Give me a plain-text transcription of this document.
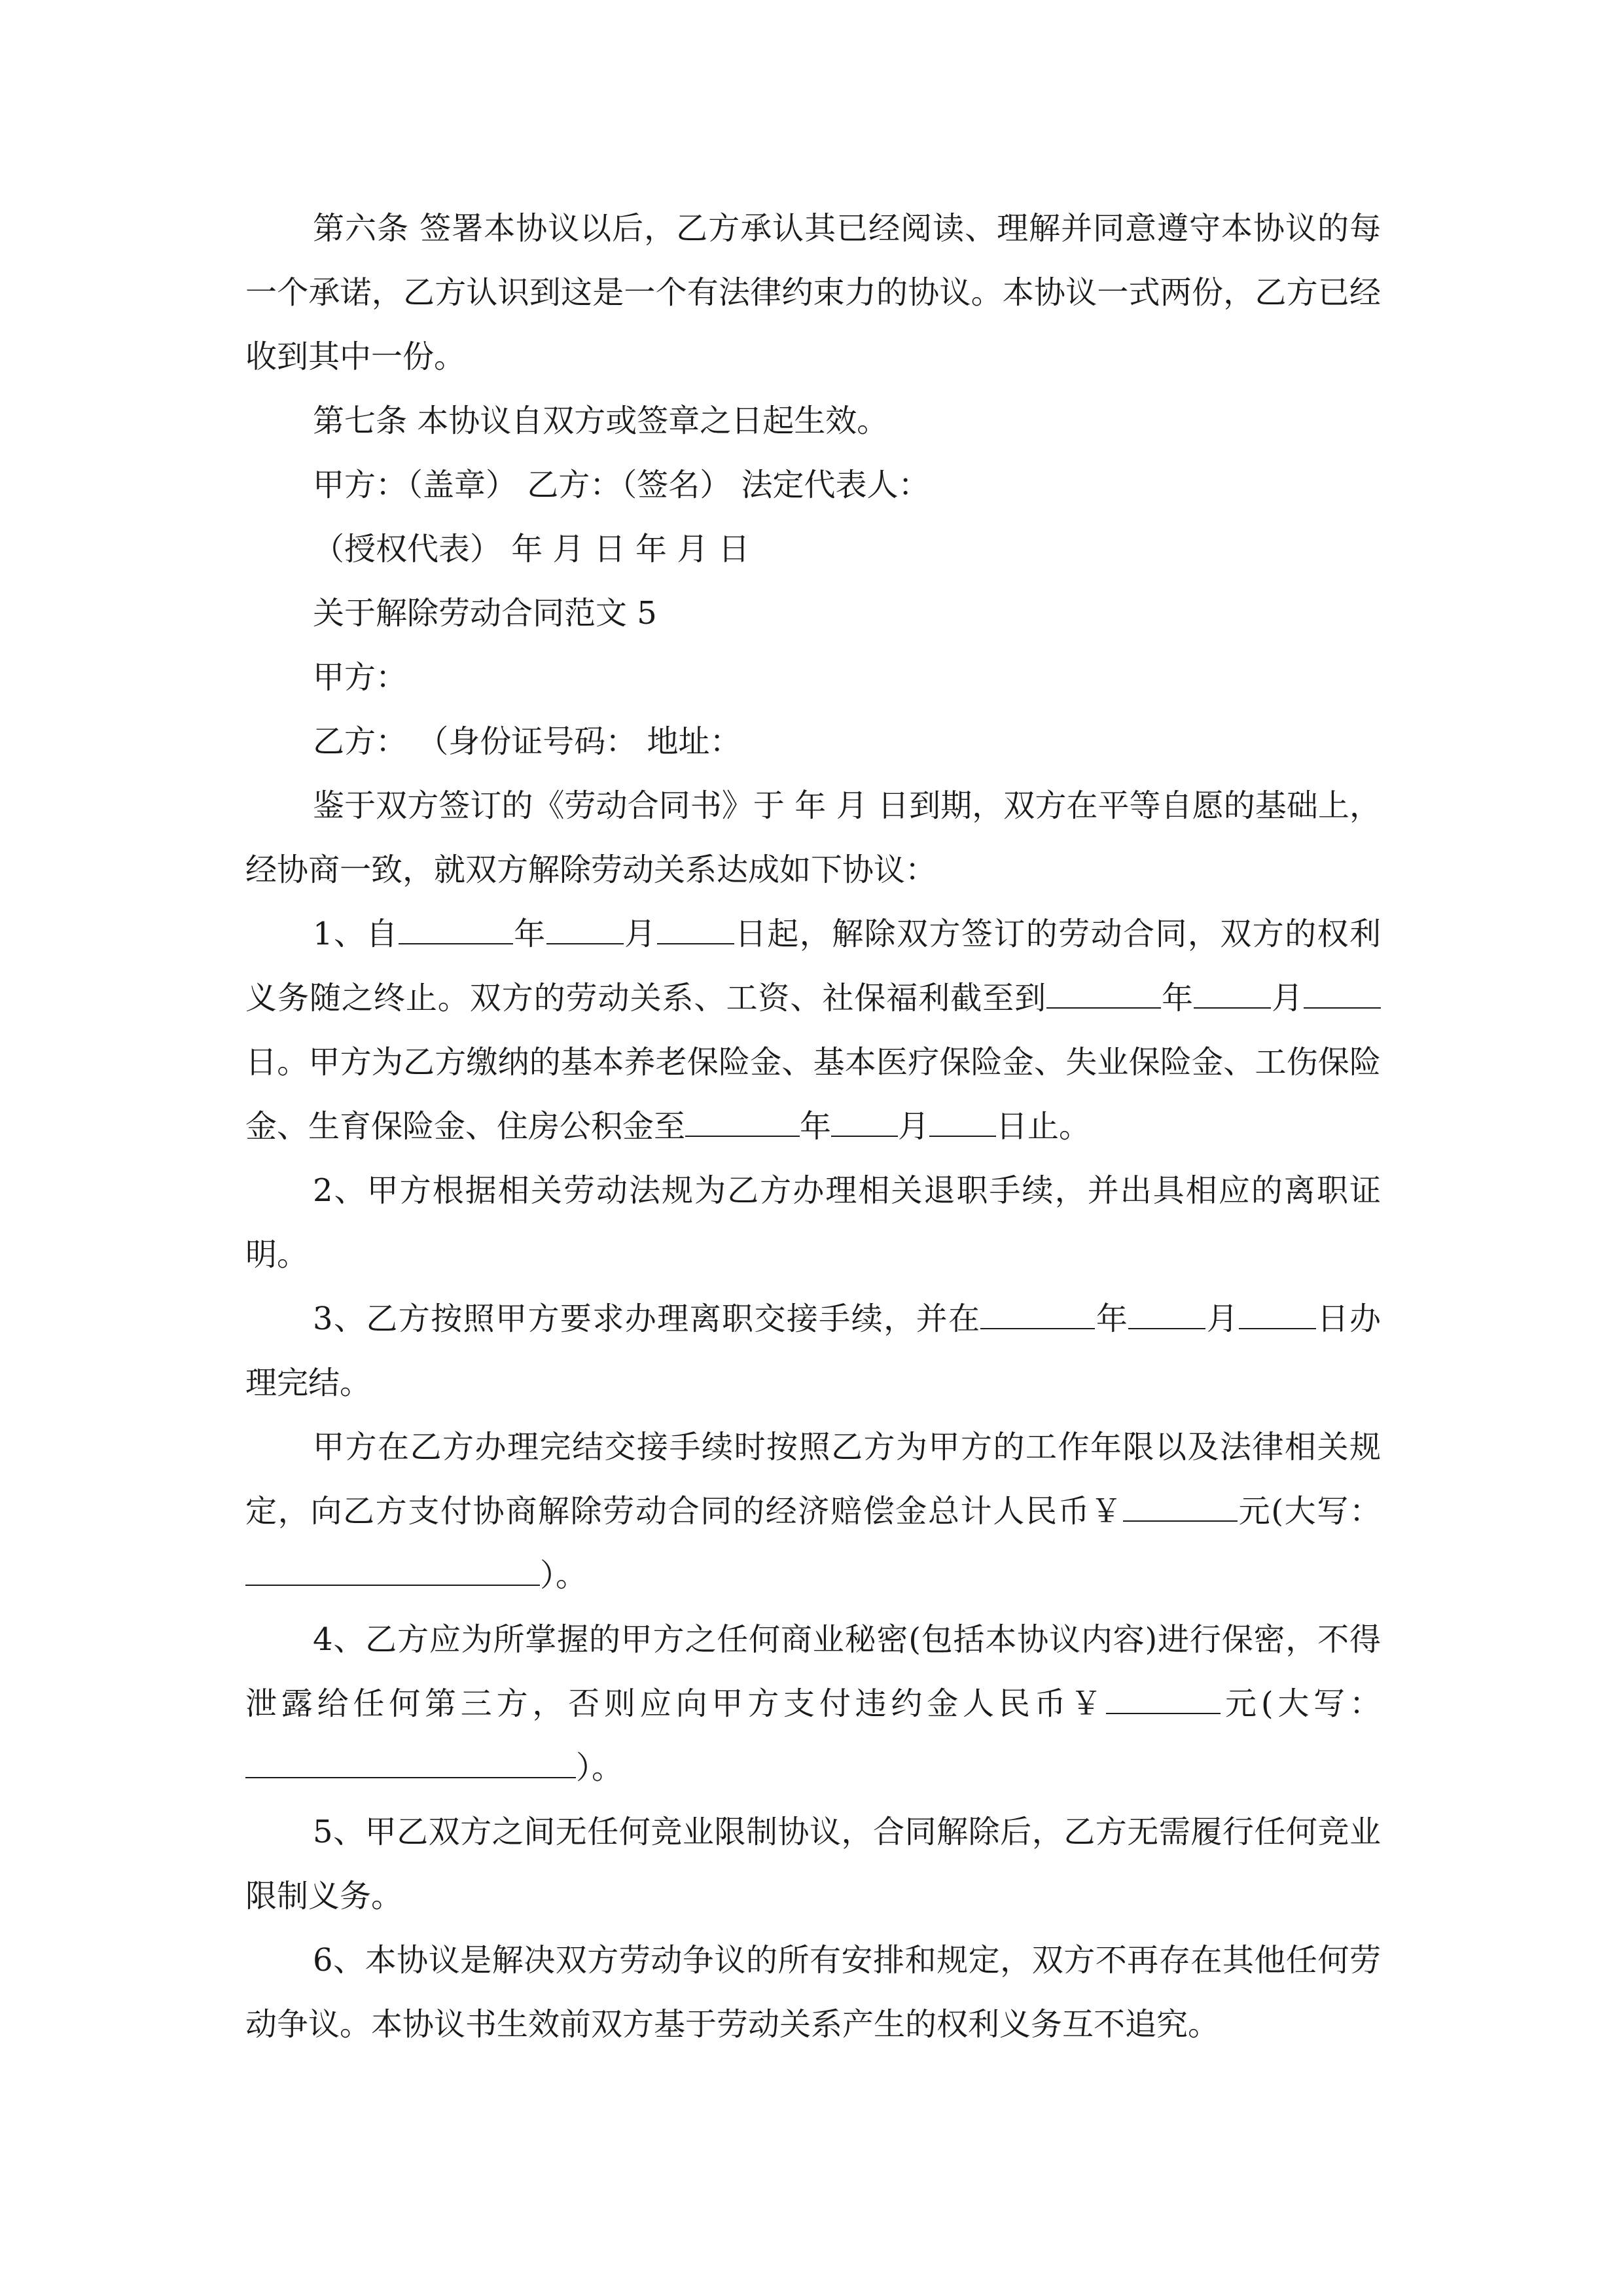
第六条 签署本协议以后，乙方承认其已经阅读、理解并同意遵守本协议的每一个承诺，乙方认识到这是一个有法律约束力的协议。本协议一式两份，乙方已经收到其中一份。

第七条 本协议自双方或签章之日起生效。

甲方：（盖章） 乙方：（签名） 法定代表人：

（授权代表） 年 月 日 年 月 日

关于解除劳动合同范文 5

甲方：

乙方： （身份证号码： 地址：

鉴于双方签订的《劳动合同书》于 年 月 日到期，双方在平等自愿的基础上，经协商一致，就双方解除劳动关系达成如下协议：

1、自	年 月 日起，解除双方签订的劳动合同，双方的权利义务随之终止。双方的劳动关系、工资、社保福利截至到	年 月日。甲方为乙方缴纳的基本养老保险金、基本医疗保险金、失业保险金、工伤保险金、生育保险金、住房公积金至	年 月 日止。

2、甲方根据相关劳动法规为乙方办理相关退职手续，并出具相应的离职证明。

3、乙方按照甲方要求办理离职交接手续，并在	年 月 日办理完结。

甲方在乙方办理完结交接手续时按照乙方为甲方的工作年限以及法律相关规定，向乙方支付协商解除劳动合同的经济赔偿金总计人民币￥	元(大写：）。

4、乙方应为所掌握的甲方之任何商业秘密(包括本协议内容)进行保密，不得泄露给任何第三方，否则应向甲方支付违约金人民币￥	元(大写：）。

5、甲乙双方之间无任何竞业限制协议，合同解除后，乙方无需履行任何竞业限制义务。

6、本协议是解决双方劳动争议的所有安排和规定，双方不再存在其他任何劳动争议。本协议书生效前双方基于劳动关系产生的权利义务互不追究。
